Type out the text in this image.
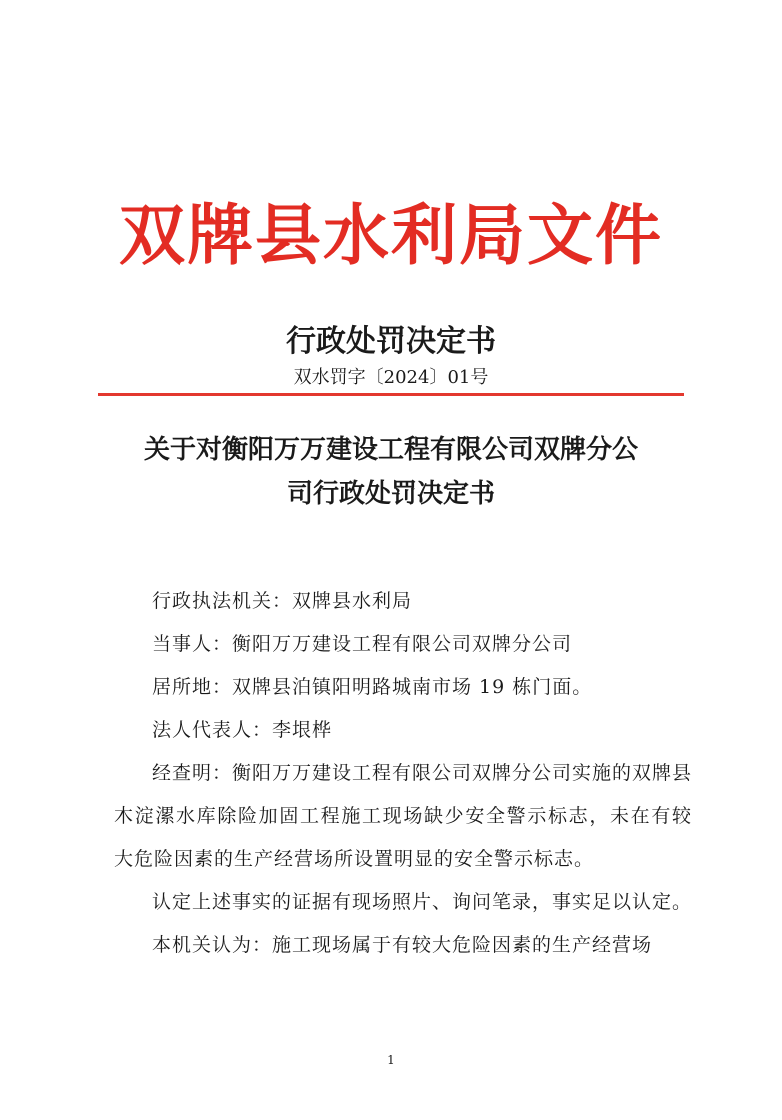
双牌县水利局文件
行政处罚决定书
双水罚字〔2024〕01号
关于对衡阳万万建设工程有限公司双牌分公
司行政处罚决定书

行政执法机关：双牌县水利局

当事人：衡阳万万建设工程有限公司双牌分公司

居所地：双牌县泊镇阳明路城南市场 19 栋门面。

法人代表人：李垠桦

经查明：衡阳万万建设工程有限公司双牌分公司实施的双牌县木淀漯水库除险加固工程施工现场缺少安全警示标志，未在有较大危险因素的生产经营场所设置明显的安全警示标志。

认定上述事实的证据有现场照片、询问笔录，事实足以认定。

本机关认为：施工现场属于有较大危险因素的生产经营场

1
